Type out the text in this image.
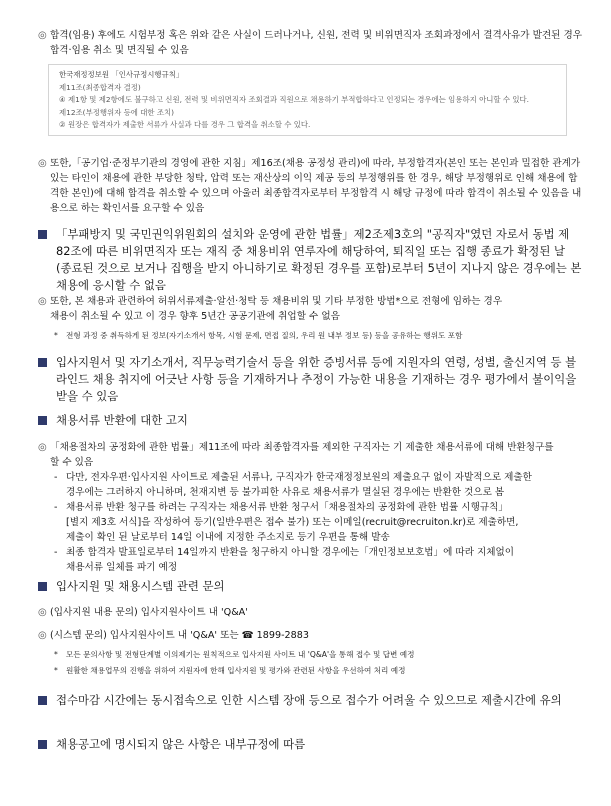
◎ 합격(임용) 후에도 시험부정 혹은 위와 같은 사실이 드러나거나, 신원, 전력 및 비위면직자 조회과정에서 결격사유가 발견된 경우 합격·임용 취소 및 면직될 수 있음
한국재정정보원 「인사규정시행규칙」
제11조(최종합격자 결정)
④ 제1항 및 제2항에도 불구하고 신원, 전력 및 비위면직자 조회결과 직원으로 채용하기 부적합하다고 인정되는 경우에는 임용하지 아니할 수 있다.
제12조(부정행위자 등에 대한 조치)
② 원장은 합격자가 제출한 서류가 사실과 다를 경우 그 합격을 취소할 수 있다.
◎ 또한,「공기업·준정부기관의 경영에 관한 지침」제16조(채용 공정성 관리)에 따라, 부정합격자(본인 또는 본인과 밀접한 관계가 있는 타인이 채용에 관한 부당한 청탁, 압력 또는 재산상의 이익 제공 등의 부정행위를 한 경우, 해당 부정행위로 인해 채용에 합격한 본인)에 대해 합격을 취소할 수 있으며 아울러 최종합격자로부터 부정합격 시 해당 규정에 따라 합격이 취소될 수 있음을 내용으로 하는 확인서를 요구할 수 있음
「부패방지 및 국민권익위원회의 설치와 운영에 관한 법률」제2조제3호의 "공직자"였던 자로서 동법 제82조에 따른 비위면직자 또는 재직 중 채용비위 연루자에 해당하여, 퇴직일 또는 집행 종료가 확정된 날 (종료된 것으로 보거나 집행을 받지 아니하기로 확정된 경우를 포함)로부터 5년이 지나지 않은 경우에는 본 채용에 응시할 수 없음
◎ 또한, 본 채용과 관련하여 허위서류제출·알선·청탁 등 채용비위 및 기타 부정한 방법*으로 전형에 임하는 경우
채용이 취소될 수 있고 이 경우 향후 5년간 공공기관에 취업할 수 없음
* 전형 과정 중 취득하게 된 정보(자기소개서 항목, 시험 문제, 면접 질의, 우리 원 내부 정보 등) 등을 공유하는 행위도 포함
입사지원서 및 자기소개서, 직무능력기술서 등을 위한 증빙서류 등에 지원자의 연령, 성별, 출신지역 등 블라인드 채용 취지에 어긋난 사항 등을 기재하거나 추정이 가능한 내용을 기재하는 경우 평가에서 불이익을 받을 수 있음
채용서류 반환에 대한 고지
◎ 「채용절차의 공정화에 관한 법률」제11조에 따라 최종합격자를 제외한 구직자는 기 제출한 채용서류에 대해 반환청구를
할 수 있음
- 다만, 전자우편·입사지원 사이트로 제출된 서류나, 구직자가 한국재정정보원의 제출요구 없이 자발적으로 제출한
경우에는 그러하지 아니하며, 천재지변 등 불가피한 사유로 채용서류가 멸실된 경우에는 반환한 것으로 봄
- 채용서류 반환 청구를 하려는 구직자는 채용서류 반환 청구서「채용절차의 공정화에 관한 법률 시행규칙」
[별지 제3호 서식]을 작성하여 등기(일반우편은 접수 불가) 또는 이메일(recruit@recruiton.kr)로 제출하면,
제출이 확인 된 날로부터 14일 이내에 지정한 주소지로 등기 우편을 통해 발송
- 최종 합격자 발표일로부터 14일까지 반환을 청구하지 아니할 경우에는「개인정보보호법」에 따라 지체없이
채용서류 일체를 파기 예정
입사지원 및 채용시스템 관련 문의
◎ (입사지원 내용 문의) 입사지원사이트 내 'Q&A'
◎ (시스템 문의) 입사지원사이트 내 'Q&A' 또는 ☎ 1899-2883
* 모든 문의사항 및 전형단계별 이의제기는 원칙적으로 입사지원 사이트 내 'Q&A'을 통해 접수 및 답변 예정
* 원활한 채용업무의 진행을 위하여 지원자에 한해 입사지원 및 평가와 관련된 사항을 우선하여 처리 예정
접수마감 시간에는 동시접속으로 인한 시스템 장애 등으로 접수가 어려울 수 있으므로 제출시간에 유의
채용공고에 명시되지 않은 사항은 내부규정에 따름
